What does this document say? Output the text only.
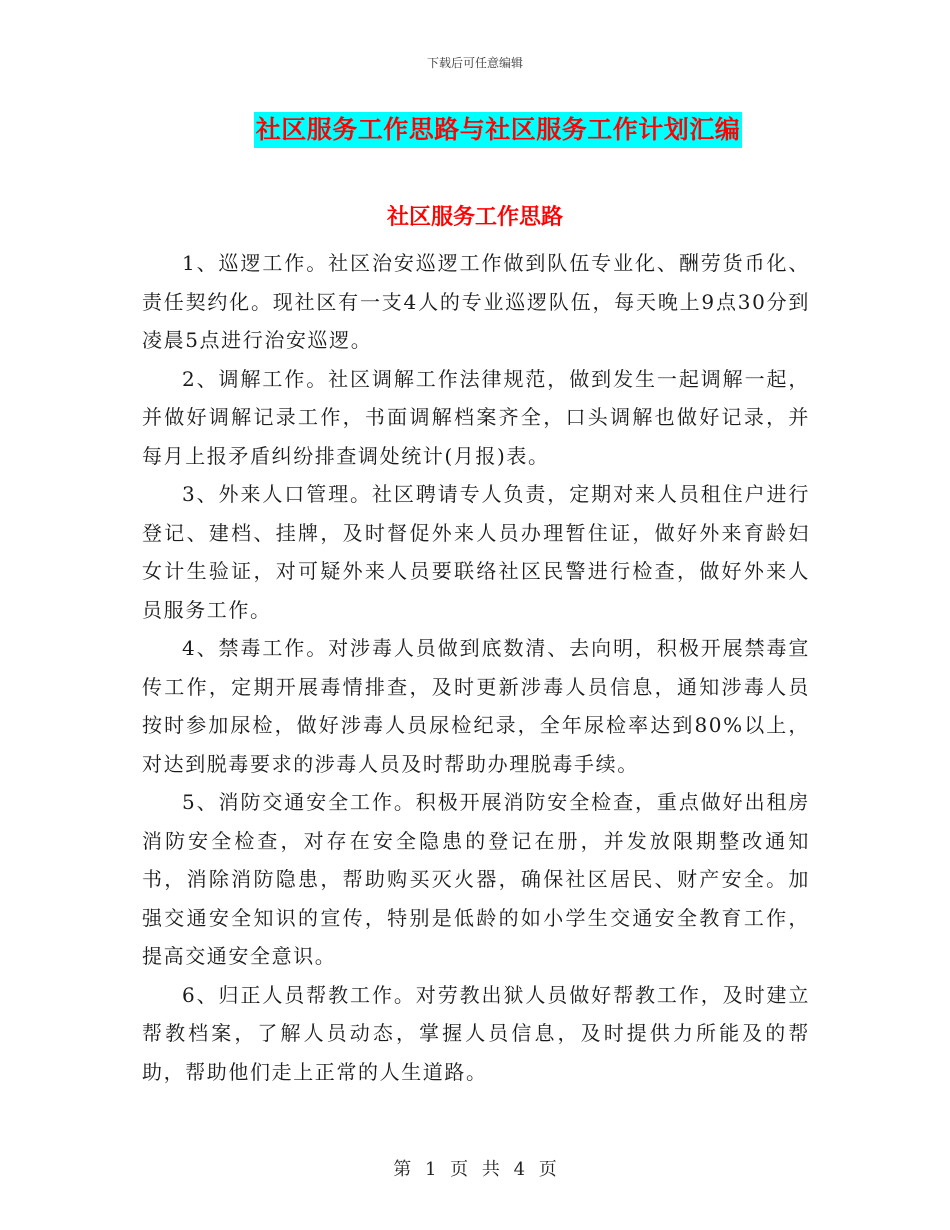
下载后可任意编辑
社区服务工作思路与社区服务工作计划汇编
社区服务工作思路

1、巡逻工作。社区治安巡逻工作做到队伍专业化、酬劳货币化、责任契约化。现社区有一支4人的专业巡逻队伍，每天晚上9点30分到凌晨5点进行治安巡逻。

2、调解工作。社区调解工作法律规范，做到发生一起调解一起，并做好调解记录工作，书面调解档案齐全，口头调解也做好记录，并每月上报矛盾纠纷排查调处统计(月报)表。

3、外来人口管理。社区聘请专人负责，定期对来人员租住户进行登记、建档、挂牌，及时督促外来人员办理暂住证，做好外来育龄妇女计生验证，对可疑外来人员要联络社区民警进行检查，做好外来人员服务工作。

4、禁毒工作。对涉毒人员做到底数清、去向明，积极开展禁毒宣传工作，定期开展毒情排查，及时更新涉毒人员信息，通知涉毒人员按时参加尿检，做好涉毒人员尿检纪录，全年尿检率达到80%以上，对达到脱毒要求的涉毒人员及时帮助办理脱毒手续。

5、消防交通安全工作。积极开展消防安全检查，重点做好出租房消防安全检查，对存在安全隐患的登记在册，并发放限期整改通知书，消除消防隐患，帮助购买灭火器，确保社区居民、财产安全。加强交通安全知识的宣传，特别是低龄的如小学生交通安全教育工作，提高交通安全意识。

6、归正人员帮教工作。对劳教出狱人员做好帮教工作，及时建立帮教档案，了解人员动态，掌握人员信息，及时提供力所能及的帮助，帮助他们走上正常的人生道路。

第 1 页 共 4 页
